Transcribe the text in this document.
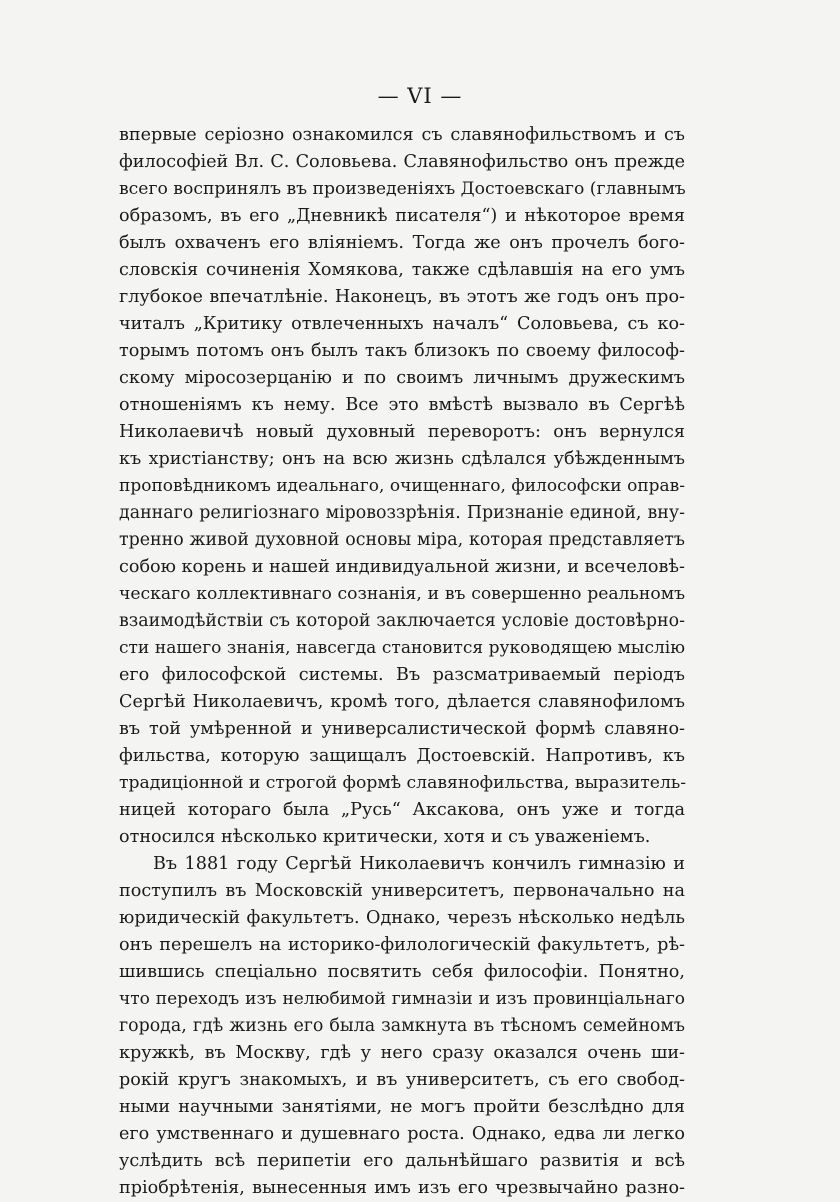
— VI —
впервые серiозно ознакомился съ славянофильствомъ и съ
философiей Вл. С. Соловьева. Славянофильство онъ прежде
всего воспринялъ въ произведенiяхъ Достоевскаго (главнымъ
образомъ, въ его „Дневникѣ писателя“) и нѣкоторое время
былъ охваченъ его влiянiемъ. Тогда же онъ прочелъ бого-
словскiя сочиненiя Хомякова, также сдѣлавшiя на его умъ
глубокое впечатлѣнiе. Наконецъ, въ этотъ же годъ онъ про-
читалъ „Критику отвлеченныхъ началъ“ Соловьева, съ ко-
торымъ потомъ онъ былъ такъ близокъ по своему философ-
скому мiросозерцанiю и по своимъ личнымъ дружескимъ
отношенiямъ къ нему. Все это вмѣстѣ вызвало въ Сергѣѣ
Николаевичѣ новый духовный переворотъ: онъ вернулся
къ христiанству; онъ на всю жизнь сдѣлался убѣжденнымъ
проповѣдникомъ идеальнаго, очищеннаго, философски оправ-
даннаго религiознаго мiровоззрѣнiя. Признанiе единой, вну-
тренно живой духовной основы мiра, которая представляетъ
собою корень и нашей индивидуальной жизни, и всечеловѣ-
ческаго коллективнаго сознанiя, и въ совершенно реальномъ
взаимодѣйствiи съ которой заключается условiе достовѣрно-
сти нашего знанiя, навсегда становится руководящею мыслiю
его философской системы. Въ разсматриваемый перiодъ
Сергѣй Николаевичъ, кромѣ того, дѣлается славянофиломъ
въ той умѣренной и универсалистической формѣ славяно-
фильства, которую защищалъ Достоевскiй. Напротивъ, къ
традицiонной и строгой формѣ славянофильства, выразитель-
ницей котораго была „Русь“ Аксакова, онъ уже и тогда
относился нѣсколько критически, хотя и съ уваженiемъ.
Въ 1881 году Сергѣй Николаевичъ кончилъ гимназiю и
поступилъ въ Московскiй университетъ, первоначально на
юридическiй факультетъ. Однако, черезъ нѣсколько недѣль
онъ перешелъ на историко-филологическiй факультетъ, рѣ-
шившись спецiально посвятить себя философiи. Понятно,
что переходъ изъ нелюбимой гимназiи и изъ провинцiальнаго
города, гдѣ жизнь его была замкнута въ тѣсномъ семейномъ
кружкѣ, въ Москву, гдѣ у него сразу оказался очень ши-
рокiй кругъ знакомыхъ, и въ университетъ, съ его свобод-
ными научными занятiями, не могъ пройти безслѣдно для
его умственнаго и душевнаго роста. Однако, едва ли легко
услѣдить всѣ перипетiи его дальнѣйшаго развитiя и всѣ
прiобрѣтенiя, вынесенныя имъ изъ его чрезвычайно разно-
